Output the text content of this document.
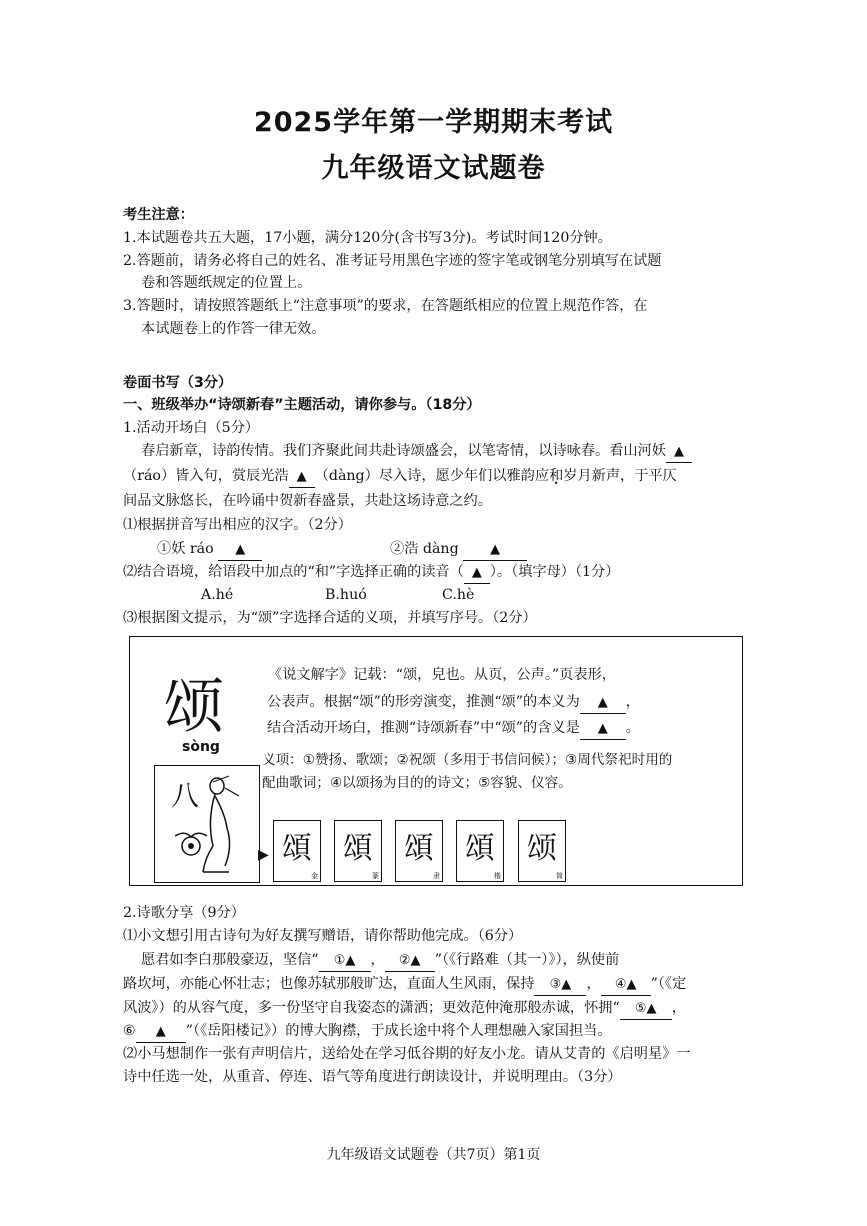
2025学年第一学期期末考试
九年级语文试题卷
考生注意：
1.本试题卷共五大题，17小题，满分120分(含书写3分)。考试时间120分钟。
2.答题前，请务必将自己的姓名、准考证号用黑色字迹的签字笔或钢笔分别填写在试题
卷和答题纸规定的位置上。
3.答题时，请按照答题纸上“注意事项”的要求，在答题纸相应的位置上规范作答，在
本试题卷上的作答一律无效。
卷面书写（3分）
一、班级举办“诗颂新春”主题活动，请你参与。（18分）
1.活动开场白（5分）
春启新章，诗韵传情。我们齐聚此间共赴诗颂盛会，以笔寄情，以诗咏春。看山河妖 ▲
（ráo）皆入句，赏辰光浩 ▲ （dàng）尽入诗，愿少年们以雅韵应和岁月新声，于平仄
间品文脉悠长，在吟诵中贺新春盛景，共赴这场诗意之约。
⑴根据拼音写出相应的汉字。（2分）
①妖 ráo ▲	②浩 dàng ▲
⑵结合语境，给语段中加点的“和”字选择正确的读音（ ▲ ）。（填字母）（1分）
A.hé	B.huó	C.hè
⑶根据图文提示，为“颂”字选择合适的义项，并填写序号。（2分）
颂
sòng
《说文解字》记载：“颂，皃也。从页，公声。”页表形，
公表声。根据“颂”的形旁演变，推测“颂”的本义为 ▲ ，
结合活动开场白，推测“诗颂新春”中“颂”的含义是 ▲ 。
义项：①赞扬、歌颂；②祝颂（多用于书信问候）；③周代祭祀时用的
配曲歌词；④以颂扬为目的的诗文；⑤容貌、仪容。
八
▶ 頌
金
頌
篆
頌
隶
頌
楷
颂
简
2.诗歌分享（9分）
⑴小文想引用古诗句为好友撰写赠语，请你帮助他完成。（6分）
愿君如李白那般豪迈，坚信“ ①▲ ， ②▲ ”（《行路难（其一）》），纵使前
路坎坷，亦能心怀壮志；也像苏轼那般旷达，直面人生风雨，保持 ③▲ ， ④▲ ”（《定
风波》）的从容气度，多一份坚守自我姿态的潇洒；更效范仲淹那般赤诚，怀拥“ ⑤▲ ，
⑥ ▲ ”（《岳阳楼记》）的博大胸襟，于成长途中将个人理想融入家国担当。
⑵小马想制作一张有声明信片，送给处在学习低谷期的好友小龙。请从艾青的《启明星》一
诗中任选一处，从重音、停连、语气等角度进行朗读设计，并说明理由。（3分）
九年级语文试题卷（共7页）第1页
